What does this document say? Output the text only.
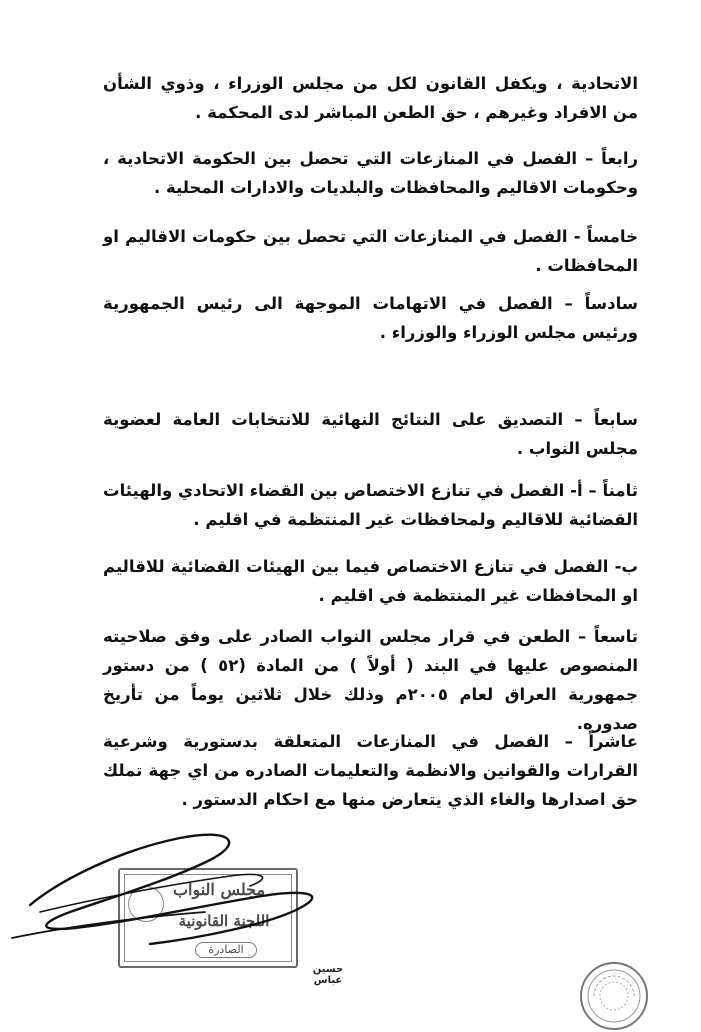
الاتحادية ، ويكفل القانون لكل من مجلس الوزراء ، وذوي الشأن من الافراد وغيرهم ، حق الطعن المباشر لدى المحكمة .

رابعاً – الفصل في المنازعات التي تحصل بين الحكومة الاتحادية ، وحكومات الاقاليم والمحافظات والبلديات والادارات المحلية .

خامساً - الفصل في المنازعات التي تحصل بين حكومات الاقاليم او المحافظات .

سادساً – الفصل في الاتهامات الموجهة الى رئيس الجمهورية ورئيس مجلس الوزراء والوزراء .

سابعاً – التصديق على النتائج النهائية للانتخابات العامة لعضوية مجلس النواب .

ثامناً – أ- الفصل في تنازع الاختصاص بين القضاء الاتحادي والهيئات القضائية للاقاليم ولمحافظات غير المنتظمة في اقليم .

ب- الفصل في تنازع الاختصاص فيما بين الهيئات القضائية للاقاليم او المحافظات غير المنتظمة في اقليم .

تاسعاً – الطعن في قرار مجلس النواب الصادر على وفق صلاحيته المنصوص عليها في البند ( أولاً ) من المادة (٥٢ ) من دستور جمهورية العراق لعام ٢٠٠٥م وذلك خلال ثلاثين يوماً من تأريخ صدوره.

عاشراً – الفصل في المنازعات المتعلقة بدستورية وشرعية القرارات والقوانين والانظمة والتعليمات الصادره من اي جهة تملك حق اصدارها والغاء الذي يتعارض منها مع احكام الدستور .

مجلس النواب
اللجنة القانونية
الصادرة
حسين عباس
